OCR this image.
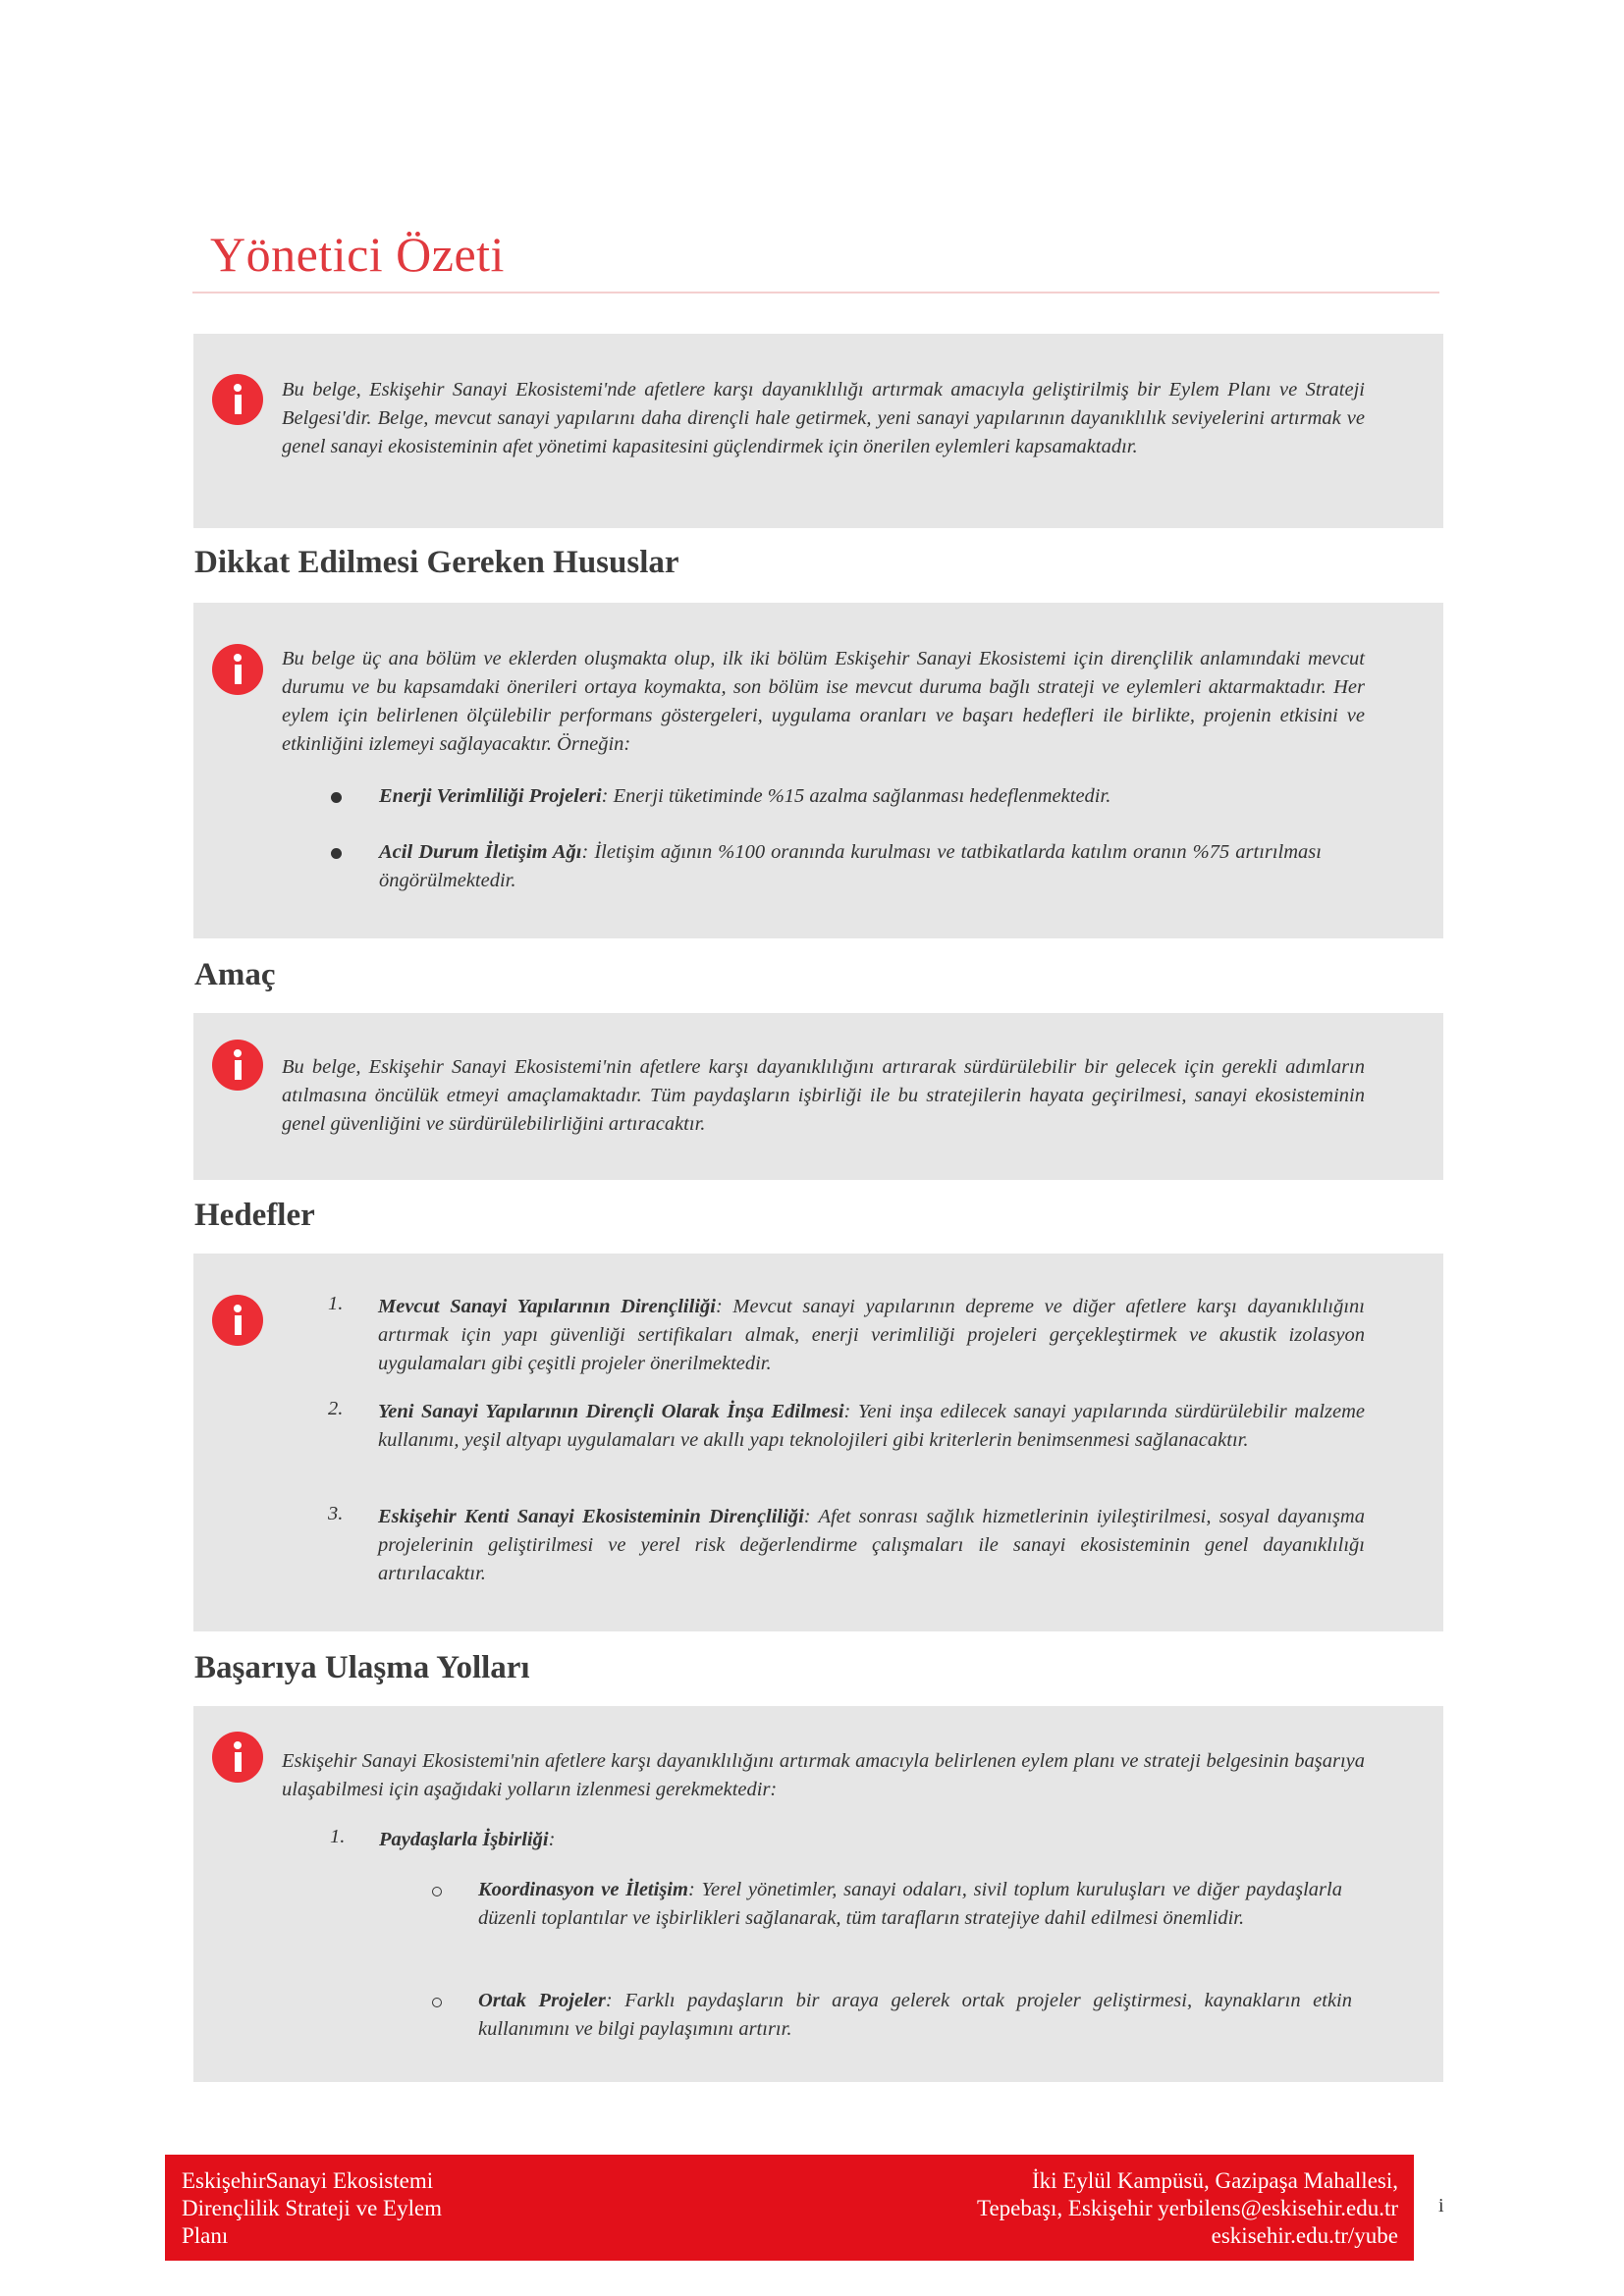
Yönetici Özeti
Bu belge, Eskişehir Sanayi Ekosistemi'nde afetlere karşı dayanıklılığı artırmak amacıyla geliştirilmiş bir Eylem Planı ve Strateji Belgesi'dir. Belge, mevcut sanayi yapılarını daha dirençli hale getirmek, yeni sanayi yapılarının dayanıklılık seviyelerini artırmak ve genel sanayi ekosisteminin afet yönetimi kapasitesini güçlendirmek için önerilen eylemleri kapsamaktadır.
Dikkat Edilmesi Gereken Hususlar
Bu belge üç ana bölüm ve eklerden oluşmakta olup, ilk iki bölüm Eskişehir Sanayi Ekosistemi için dirençlilik anlamındaki mevcut durumu ve bu kapsamdaki önerileri ortaya koymakta, son bölüm ise mevcut duruma bağlı strateji ve eylemleri aktarmaktadır. Her eylem için belirlenen ölçülebilir performans göstergeleri, uygulama oranları ve başarı hedefleri ile birlikte, projenin etkisini ve etkinliğini izlemeyi sağlayacaktır. Örneğin:
Enerji Verimliliği Projeleri: Enerji tüketiminde %15 azalma sağlanması hedeflenmektedir.
Acil Durum İletişim Ağı: İletişim ağının %100 oranında kurulması ve tatbikatlarda katılım oranın %75 artırılması öngörülmektedir.
Amaç
Bu belge, Eskişehir Sanayi Ekosistemi'nin afetlere karşı dayanıklılığını artırarak sürdürülebilir bir gelecek için gerekli adımların atılmasına öncülük etmeyi amaçlamaktadır. Tüm paydaşların işbirliği ile bu stratejilerin hayata geçirilmesi, sanayi ekosisteminin genel güvenliğini ve sürdürülebilirliğini artıracaktır.
Hedefler
1. Mevcut Sanayi Yapılarının Dirençliliği: Mevcut sanayi yapılarının depreme ve diğer afetlere karşı dayanıklılığını artırmak için yapı güvenliği sertifikaları almak, enerji verimliliği projeleri gerçekleştirmek ve akustik izolasyon uygulamaları gibi çeşitli projeler önerilmektedir.
2. Yeni Sanayi Yapılarının Dirençli Olarak İnşa Edilmesi: Yeni inşa edilecek sanayi yapılarında sürdürülebilir malzeme kullanımı, yeşil altyapı uygulamaları ve akıllı yapı teknolojileri gibi kriterlerin benimsenmesi sağlanacaktır.
3. Eskişehir Kenti Sanayi Ekosisteminin Dirençliliği: Afet sonrası sağlık hizmetlerinin iyileştirilmesi, sosyal dayanışma projelerinin geliştirilmesi ve yerel risk değerlendirme çalışmaları ile sanayi ekosisteminin genel dayanıklılığı artırılacaktır.
Başarıya Ulaşma Yolları
Eskişehir Sanayi Ekosistemi'nin afetlere karşı dayanıklılığını artırmak amacıyla belirlenen eylem planı ve strateji belgesinin başarıya ulaşabilmesi için aşağıdaki yolların izlenmesi gerekmektedir:
1. Paydaşlarla İşbirliği:
Koordinasyon ve İletişim: Yerel yönetimler, sanayi odaları, sivil toplum kuruluşları ve diğer paydaşlarla düzenli toplantılar ve işbirlikleri sağlanarak, tüm tarafların stratejiye dahil edilmesi önemlidir.
Ortak Projeler: Farklı paydaşların bir araya gelerek ortak projeler geliştirmesi, kaynakların etkin kullanımını ve bilgi paylaşımını artırır.
EskişehirSanayi Ekosistemi
Dirençlilik Strateji ve Eylem
Planı
İki Eylül Kampüsü, Gazipaşa Mahallesi,
Tepebaşı, Eskişehir yerbilens@eskisehir.edu.tr
eskisehir.edu.tr/yube
i
